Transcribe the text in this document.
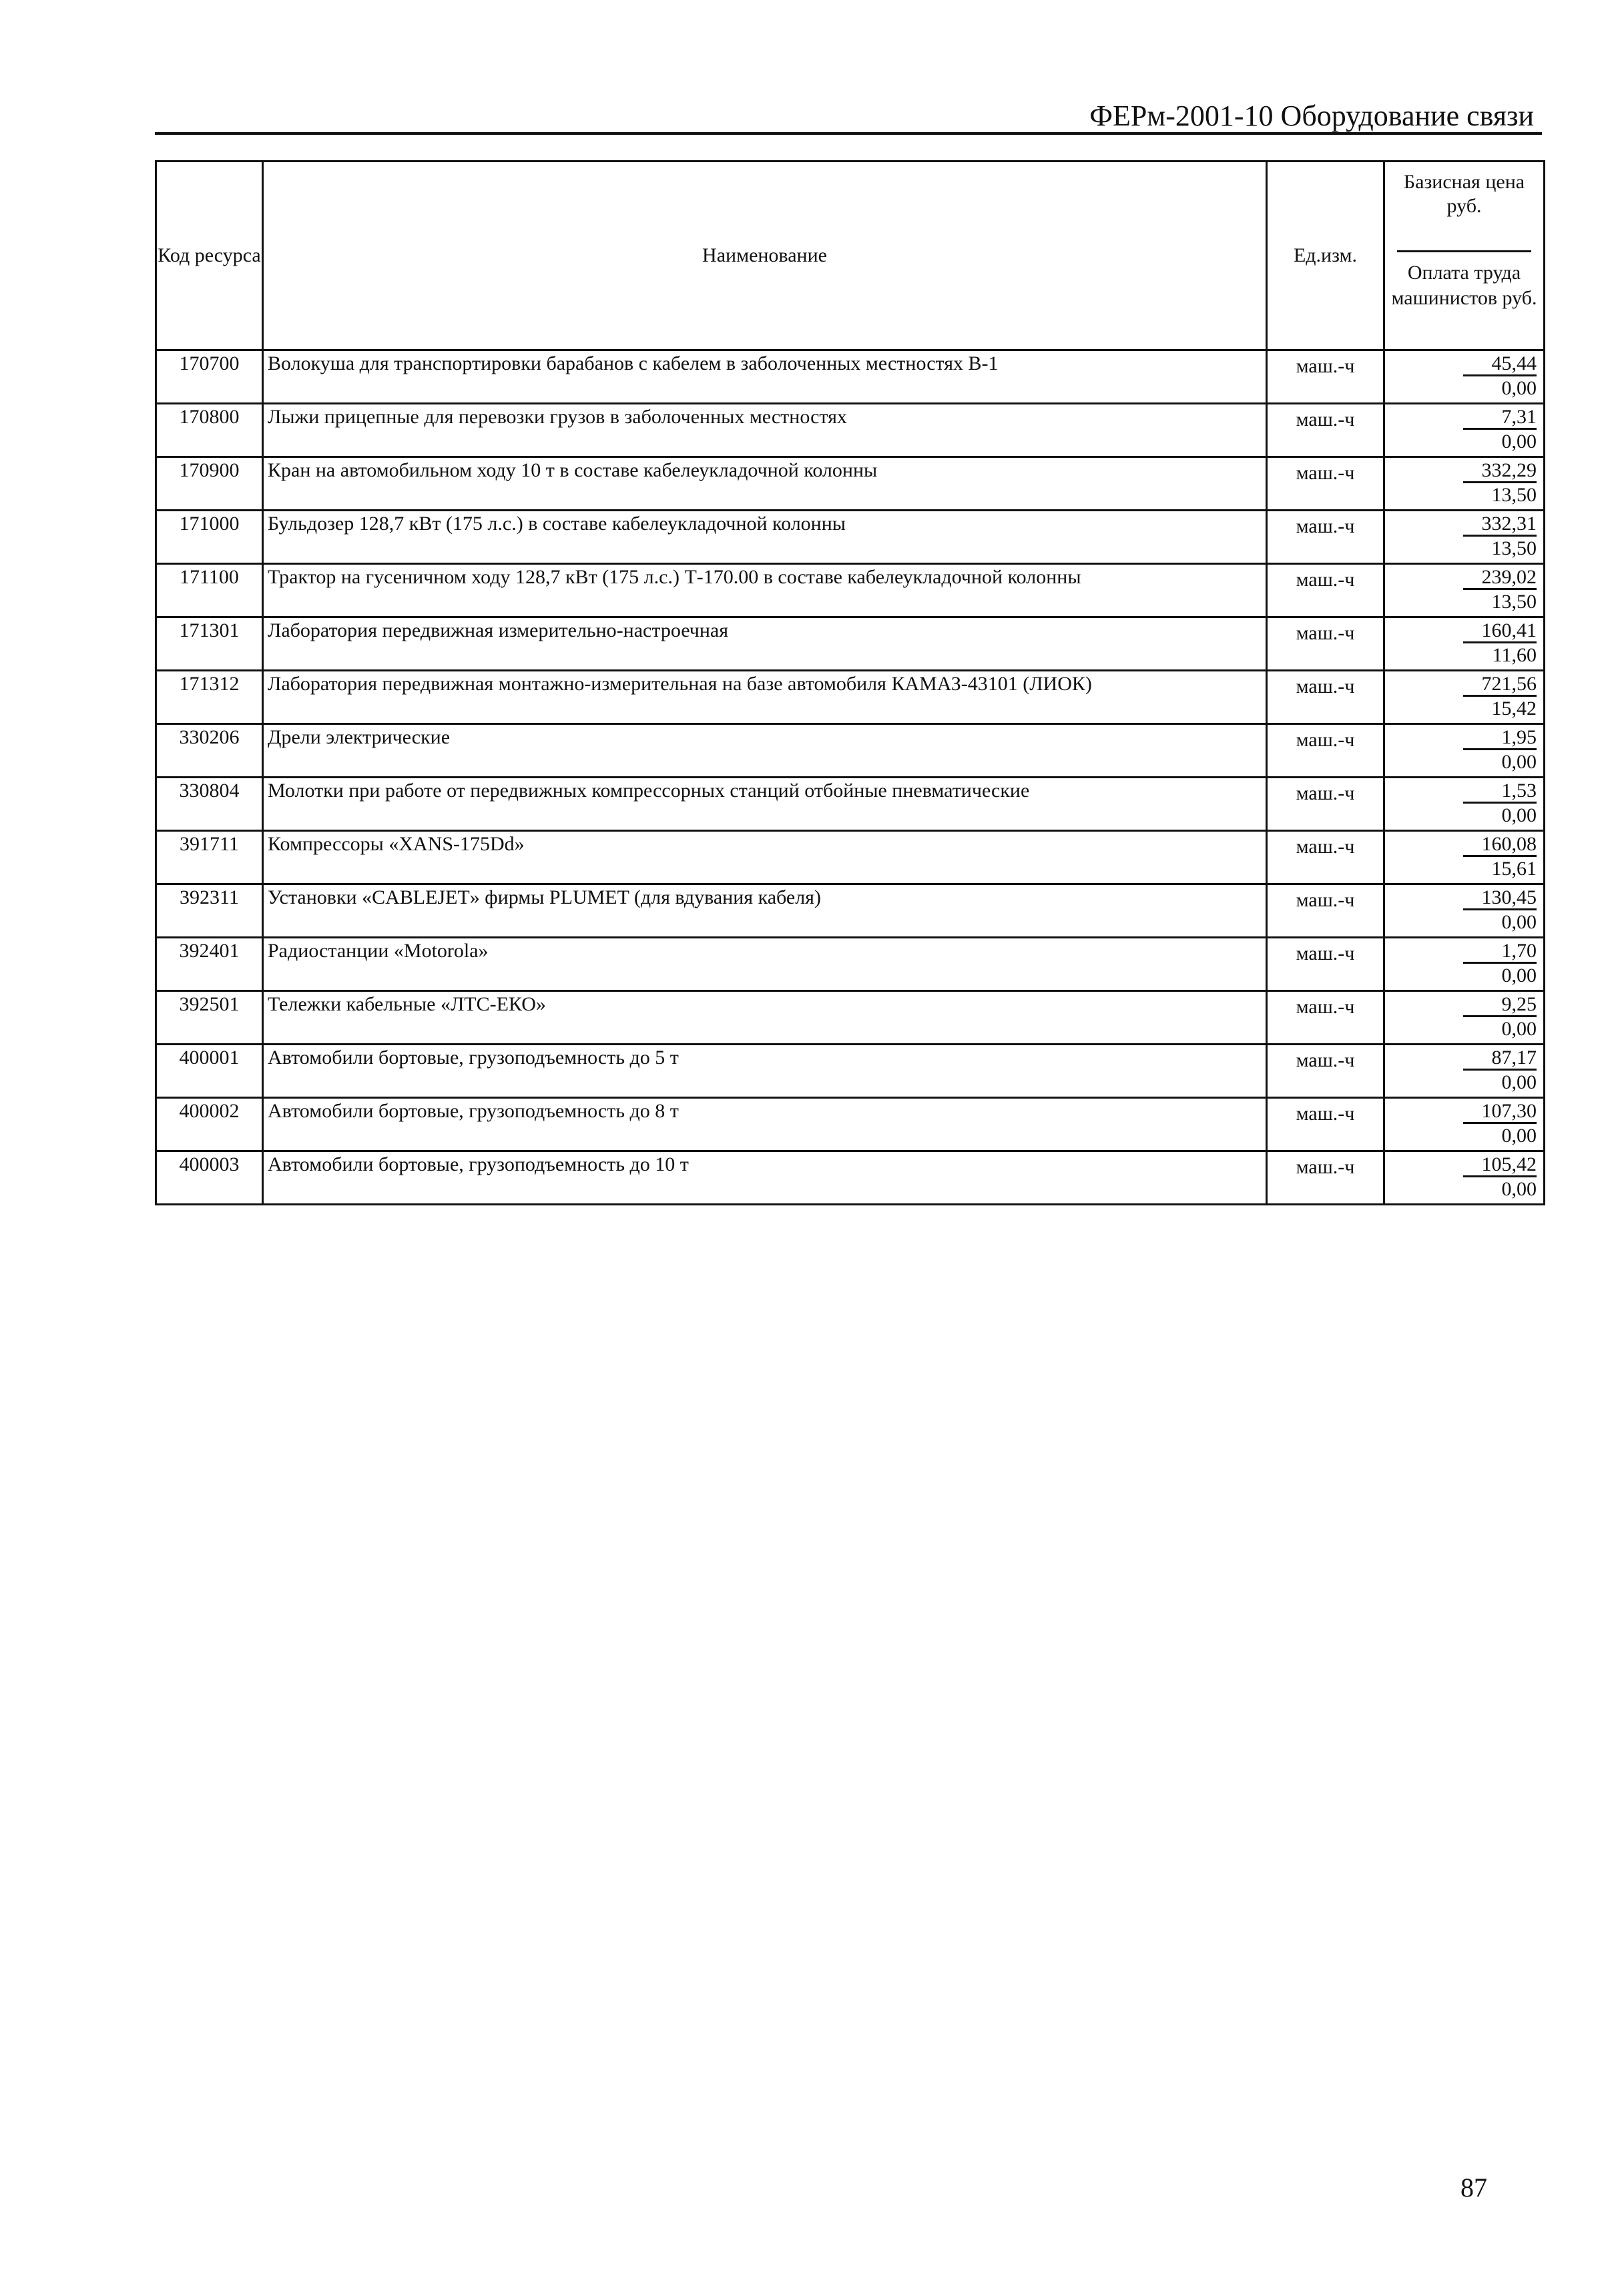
ФЕРм-2001-10 Оборудование связи
Код ресурса	Наименование	Ед.изм.	Базисная цена руб.
Оплата труда машинистов руб.

170700	Волокуша для транспортировки барабанов с кабелем в заболоченных местностях В-1	маш.-ч	45,44
0,00

170800	Лыжи прицепные для перевозки грузов в заболоченных местностях	маш.-ч	7,31
0,00

170900	Кран на автомобильном ходу 10 т в составе кабелеукладочной колонны	маш.-ч	332,29
13,50

171000	Бульдозер 128,7 кВт (175 л.с.) в составе кабелеукладочной колонны	маш.-ч	332,31
13,50

171100	Трактор на гусеничном ходу 128,7 кВт (175 л.с.) Т-170.00 в составе кабелеукладочной колонны	маш.-ч	239,02
13,50

171301	Лаборатория передвижная измерительно-настроечная	маш.-ч	160,41
11,60

171312	Лаборатория передвижная монтажно-измерительная на базе автомобиля КАМАЗ-43101 (ЛИОК)	маш.-ч	721,56
15,42

330206	Дрели электрические	маш.-ч	1,95
0,00

330804	Молотки при работе от передвижных компрессорных станций отбойные пневматические	маш.-ч	1,53
0,00

391711	Компрессоры «XANS-175Dd»	маш.-ч	160,08
15,61

392311	Установки «CABLEJET» фирмы PLUMET (для вдувания кабеля)	маш.-ч	130,45
0,00

392401	Радиостанции «Motorola»	маш.-ч	1,70
0,00

392501	Тележки кабельные «ЛТС-ЕКО»	маш.-ч	9,25
0,00

400001	Автомобили бортовые, грузоподъемность до 5 т	маш.-ч	87,17
0,00

400002	Автомобили бортовые, грузоподъемность до 8 т	маш.-ч	107,30
0,00

400003	Автомобили бортовые, грузоподъемность до 10 т	маш.-ч	105,42
0,00
87
